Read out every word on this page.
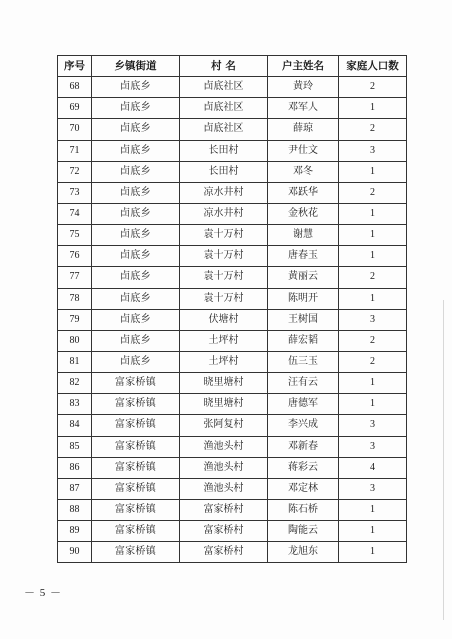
序号	乡镇街道	村 名	户主姓名	家庭人口数
68	卣底乡	卣底社区	黄玲	2
69	卣底乡	卣底社区	邓军人	1
70	卣底乡	卣底社区	薛琼	2
71	卣底乡	长田村	尹仕文	3
72	卣底乡	长田村	邓冬	1
73	卣底乡	凉水井村	邓跃华	2
74	卣底乡	凉水井村	金秋花	1
75	卣底乡	袁十万村	谢慧	1
76	卣底乡	袁十万村	唐春玉	1
77	卣底乡	袁十万村	黄丽云	2
78	卣底乡	袁十万村	陈明开	1
79	卣底乡	伏塘村	王树国	3
80	卣底乡	土坪村	薛宏韬	2
81	卣底乡	土坪村	伍三玉	2
82	富家桥镇	晓里塘村	汪有云	1
83	富家桥镇	晓里塘村	唐德军	1
84	富家桥镇	张阿复村	李兴成	3
85	富家桥镇	渔池头村	邓新春	3
86	富家桥镇	渔池头村	蒋彩云	4
87	富家桥镇	渔池头村	邓定林	3
88	富家桥镇	富家桥村	陈石桥	1
89	富家桥镇	富家桥村	陶能云	1
90	富家桥镇	富家桥村	龙旭东	1
－ 5 －
